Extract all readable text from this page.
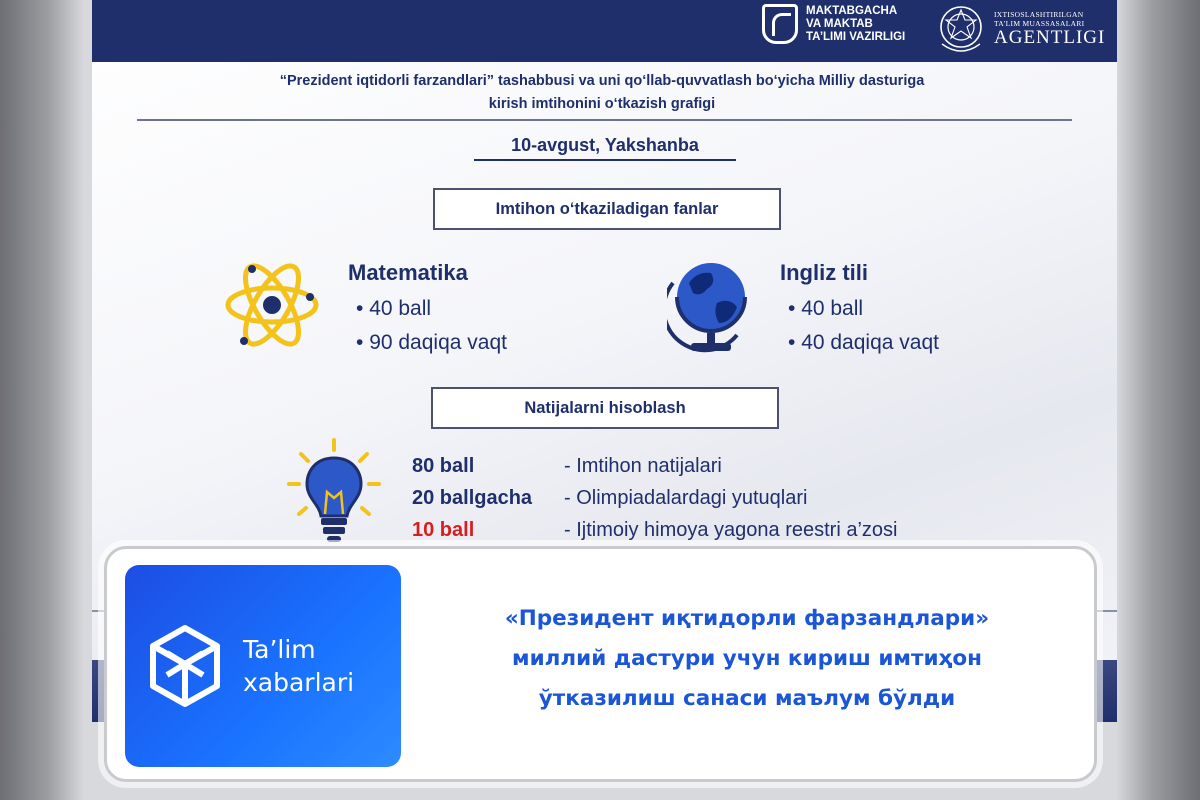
MAKTABGACHA
VA MAKTAB
TA’LIMI VAZIRLIGI
IXTISOSLASHTIRILGAN
TA'LIM MUASSASALARI
AGENTLIGI
“Prezident iqtidorli farzandlari” tashabbusi va uni qo‘llab-quvvatlash bo‘yicha Milliy dasturiga
kirish imtihonini o‘tkazish grafigi
10-avgust, Yakshanba
Imtihon o‘tkaziladigan fanlar
Matematika
• 40 ball
• 90 daqiqa vaqt
Ingliz tili
• 40 ball
• 40 daqiqa vaqt
Natijalarni hisoblash
80 ball	- Imtihon natijalari
20 ballgacha	- Olimpiadalardagi yutuqlari
10 ball	- Ijtimoiy himoya yagona reestri a’zosi
Ta’lim
xabarlari
«Президент иқтидорли фарзандлари»
миллий дастури учун кириш имтиҳон
ўтказилиш санаси маълум бўлди
